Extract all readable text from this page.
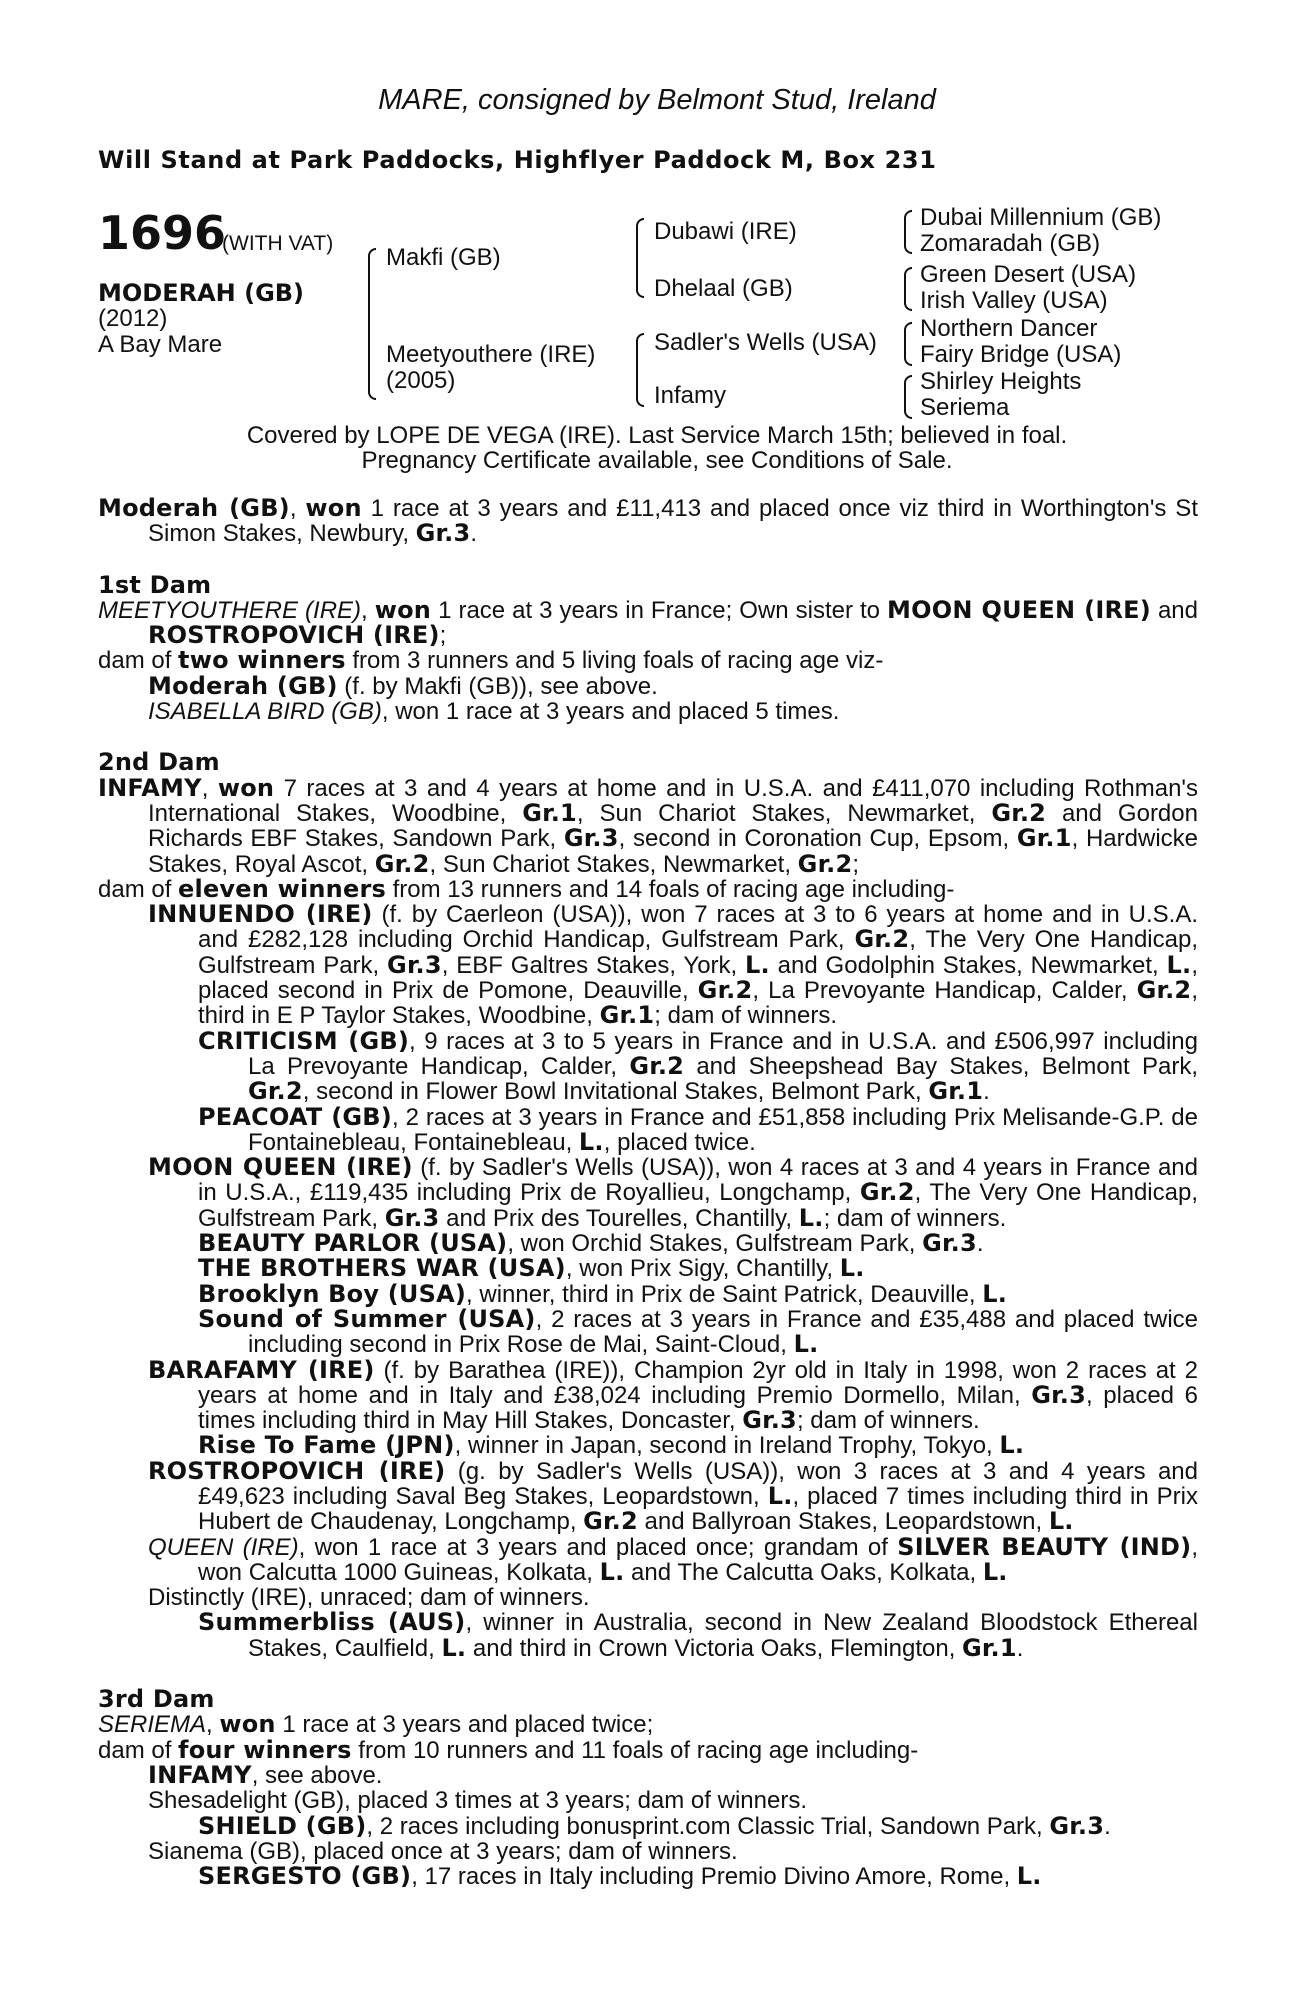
MARE, consigned by Belmont Stud, Ireland
Will Stand at Park Paddocks, Highflyer Paddock M, Box 231
1696
(WITH VAT)
MODERAH (GB)
(2012)
A Bay Mare
Makfi (GB)
Meetyouthere (IRE)
(2005)
Dubawi (IRE)
Dhelaal (GB)
Sadler's Wells (USA)
Infamy
Dubai Millennium (GB)
Zomaradah (GB)
Green Desert (USA)
Irish Valley (USA)
Northern Dancer
Fairy Bridge (USA)
Shirley Heights
Seriema
Covered by LOPE DE VEGA (IRE). Last Service March 15th; believed in foal.
Pregnancy Certificate available, see Conditions of Sale.

Moderah (GB), won 1 race at 3 years and £11,413 and placed once viz third in Worthington's St Simon Stakes, Newbury, Gr.3.

1st Dam

MEETYOUTHERE (IRE), won 1 race at 3 years in France; Own sister to MOON QUEEN (IRE) and ROSTROPOVICH (IRE);

dam of two winners from 3 runners and 5 living foals of racing age viz-

Moderah (GB) (f. by Makfi (GB)), see above.

ISABELLA BIRD (GB), won 1 race at 3 years and placed 5 times.

2nd Dam

INFAMY, won 7 races at 3 and 4 years at home and in U.S.A. and £411,070 including Rothman's International Stakes, Woodbine, Gr.1, Sun Chariot Stakes, Newmarket, Gr.2 and Gordon Richards EBF Stakes, Sandown Park, Gr.3, second in Coronation Cup, Epsom, Gr.1, Hardwicke Stakes, Royal Ascot, Gr.2, Sun Chariot Stakes, Newmarket, Gr.2;

dam of eleven winners from 13 runners and 14 foals of racing age including-

INNUENDO (IRE) (f. by Caerleon (USA)), won 7 races at 3 to 6 years at home and in U.S.A. and £282,128 including Orchid Handicap, Gulfstream Park, Gr.2, The Very One Handicap, Gulfstream Park, Gr.3, EBF Galtres Stakes, York, L. and Godolphin Stakes, Newmarket, L., placed second in Prix de Pomone, Deauville, Gr.2, La Prevoyante Handicap, Calder, Gr.2, third in E P Taylor Stakes, Woodbine, Gr.1; dam of winners.

CRITICISM (GB), 9 races at 3 to 5 years in France and in U.S.A. and £506,997 including La Prevoyante Handicap, Calder, Gr.2 and Sheepshead Bay Stakes, Belmont Park, Gr.2, second in Flower Bowl Invitational Stakes, Belmont Park, Gr.1.

PEACOAT (GB), 2 races at 3 years in France and £51,858 including Prix Melisande-G.P. de Fontainebleau, Fontainebleau, L., placed twice.

MOON QUEEN (IRE) (f. by Sadler's Wells (USA)), won 4 races at 3 and 4 years in France and in U.S.A., £119,435 including Prix de Royallieu, Longchamp, Gr.2, The Very One Handicap, Gulfstream Park, Gr.3 and Prix des Tourelles, Chantilly, L.; dam of winners.

BEAUTY PARLOR (USA), won Orchid Stakes, Gulfstream Park, Gr.3.

THE BROTHERS WAR (USA), won Prix Sigy, Chantilly, L.

Brooklyn Boy (USA), winner, third in Prix de Saint Patrick, Deauville, L.

Sound of Summer (USA), 2 races at 3 years in France and £35,488 and placed twice including second in Prix Rose de Mai, Saint-Cloud, L.

BARAFAMY (IRE) (f. by Barathea (IRE)), Champion 2yr old in Italy in 1998, won 2 races at 2 years at home and in Italy and £38,024 including Premio Dormello, Milan, Gr.3, placed 6 times including third in May Hill Stakes, Doncaster, Gr.3; dam of winners.

Rise To Fame (JPN), winner in Japan, second in Ireland Trophy, Tokyo, L.

ROSTROPOVICH (IRE) (g. by Sadler's Wells (USA)), won 3 races at 3 and 4 years and £49,623 including Saval Beg Stakes, Leopardstown, L., placed 7 times including third in Prix Hubert de Chaudenay, Longchamp, Gr.2 and Ballyroan Stakes, Leopardstown, L.

QUEEN (IRE), won 1 race at 3 years and placed once; grandam of SILVER BEAUTY (IND), won Calcutta 1000 Guineas, Kolkata, L. and The Calcutta Oaks, Kolkata, L.

Distinctly (IRE), unraced; dam of winners.

Summerbliss (AUS), winner in Australia, second in New Zealand Bloodstock Ethereal Stakes, Caulfield, L. and third in Crown Victoria Oaks, Flemington, Gr.1.

3rd Dam

SERIEMA, won 1 race at 3 years and placed twice;

dam of four winners from 10 runners and 11 foals of racing age including-

INFAMY, see above.

Shesadelight (GB), placed 3 times at 3 years; dam of winners.

SHIELD (GB), 2 races including bonusprint.com Classic Trial, Sandown Park, Gr.3.

Sianema (GB), placed once at 3 years; dam of winners.

SERGESTO (GB), 17 races in Italy including Premio Divino Amore, Rome, L.
